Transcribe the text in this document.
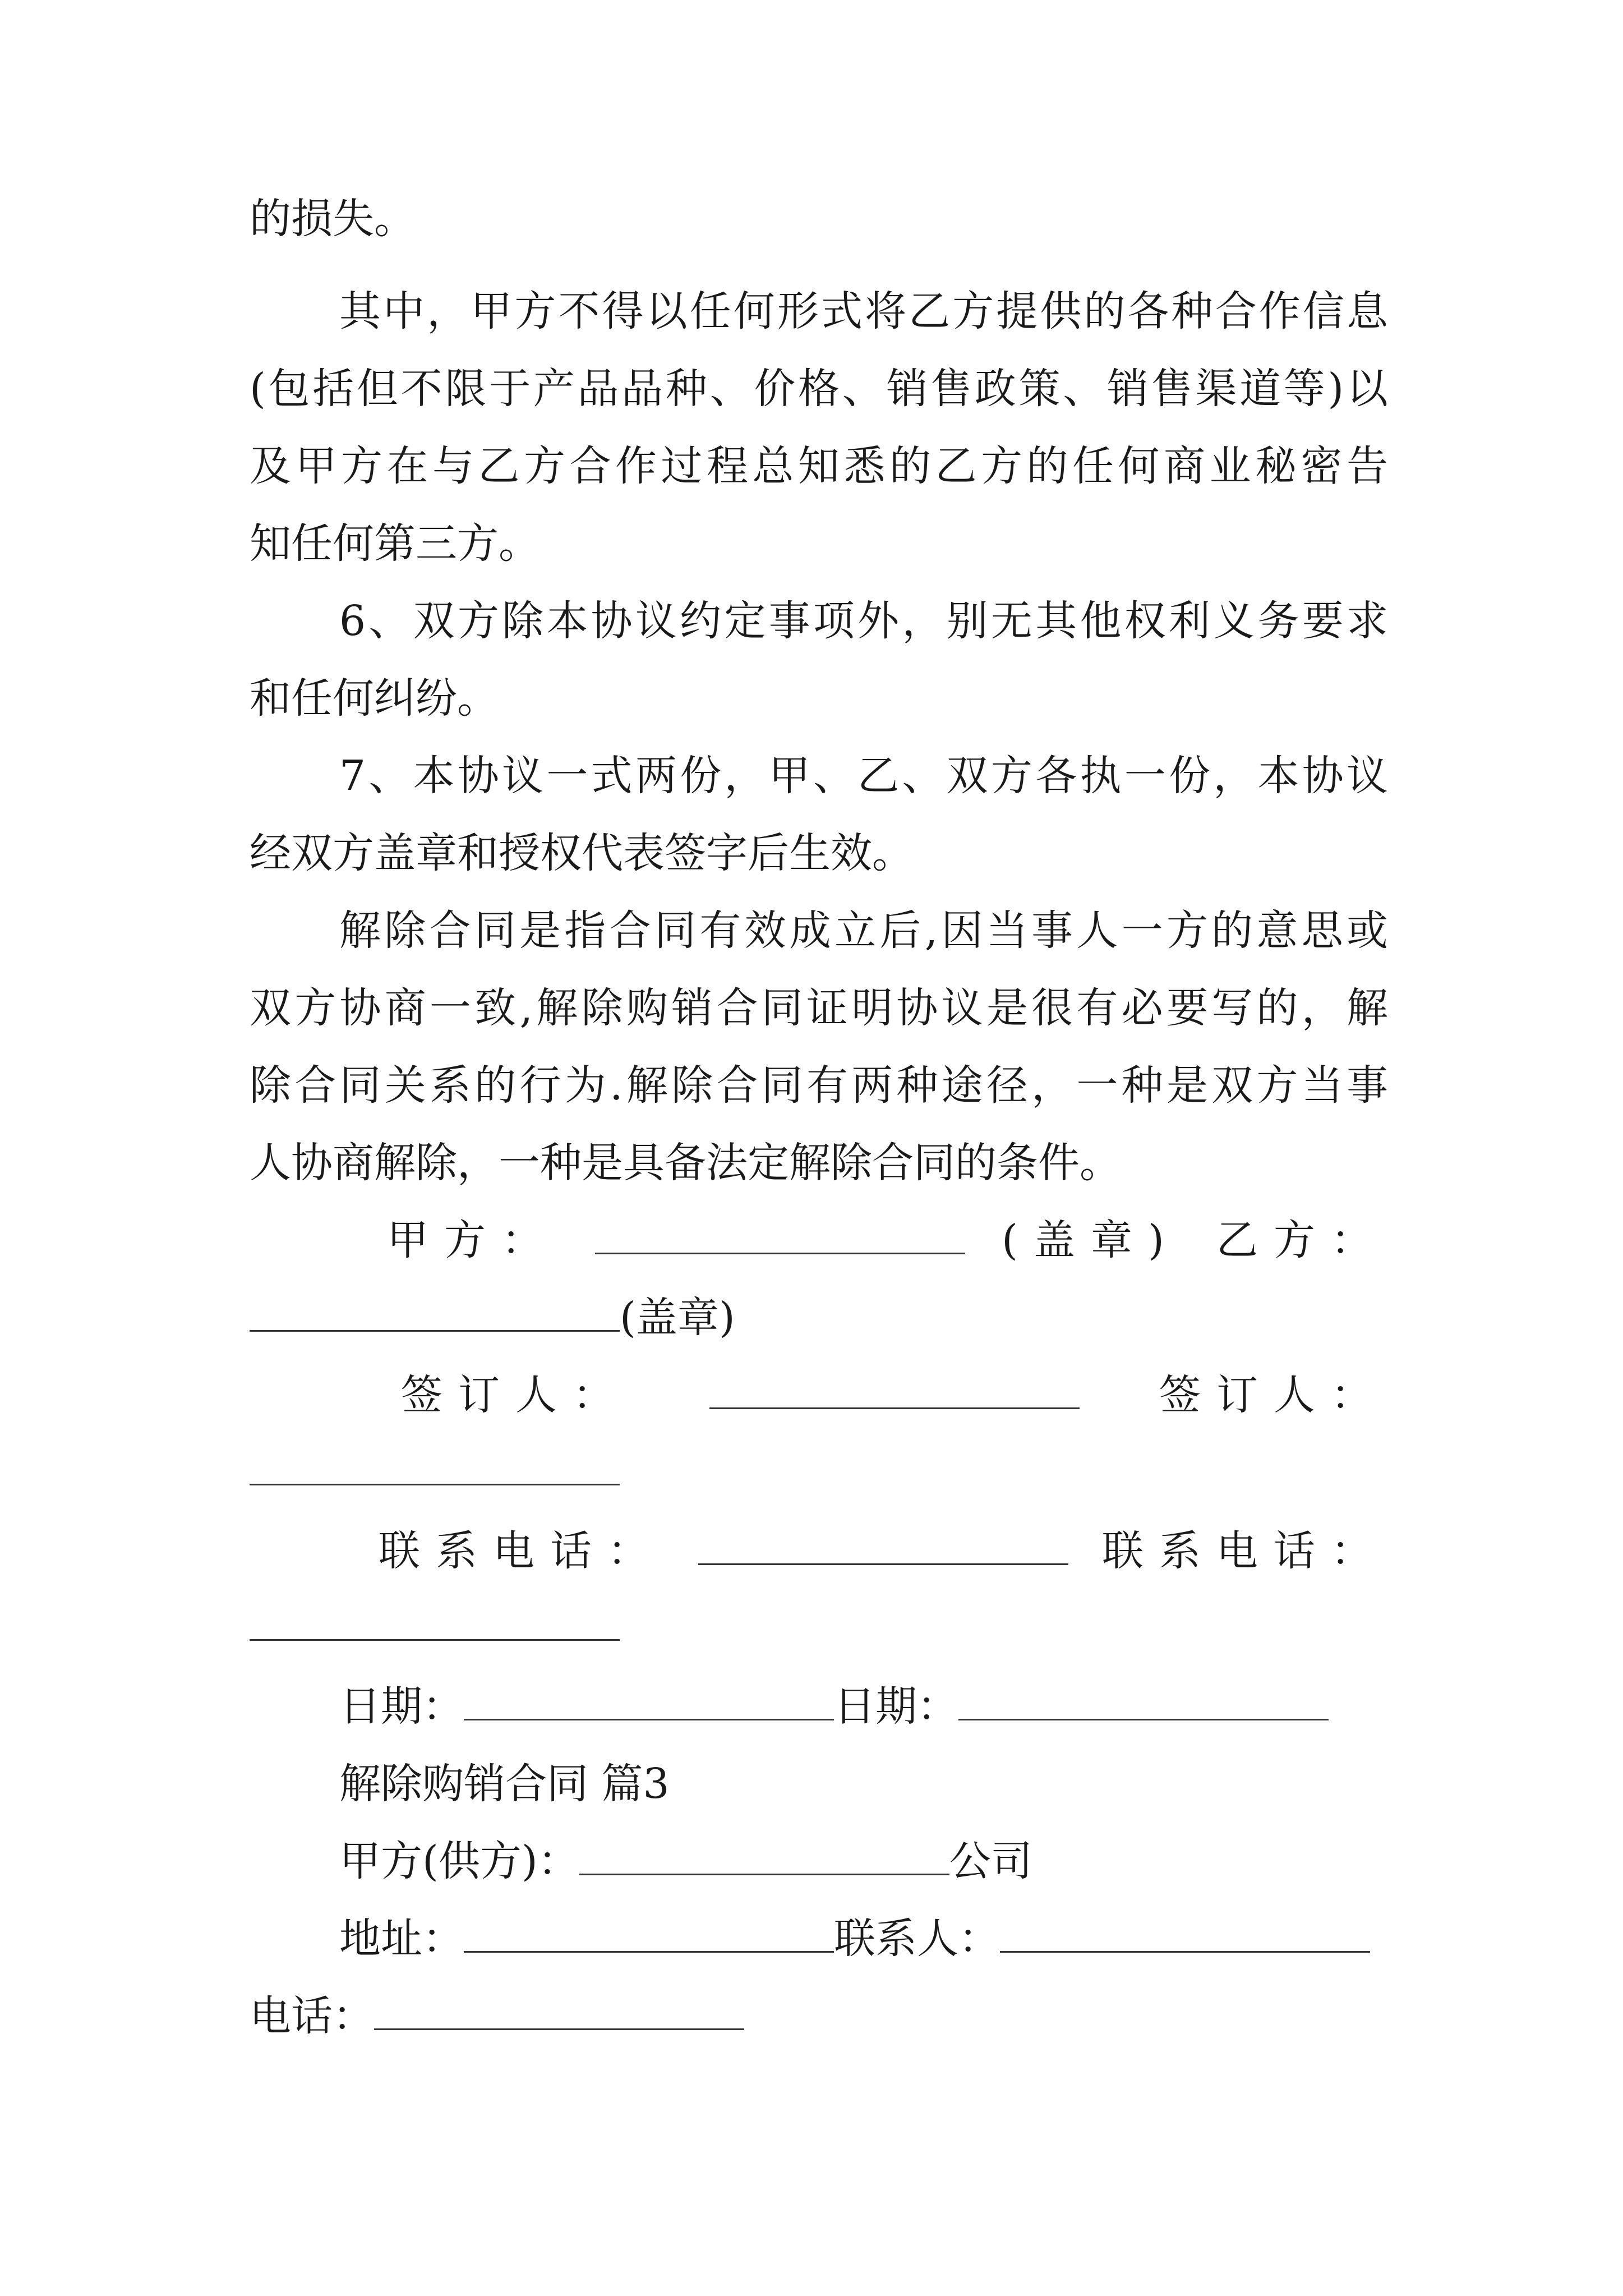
的损失。
其中，甲方不得以任何形式将乙方提供的各种合作信息
(包括但不限于产品品种、价格、销售政策、销售渠道等)以
及甲方在与乙方合作过程总知悉的乙方的任何商业秘密告
知任何第三方。
6、双方除本协议约定事项外，别无其他权利义务要求
和任何纠纷。
7、本协议一式两份，甲、乙、双方各执一份，本协议
经双方盖章和授权代表签字后生效。
解除合同是指合同有效成立后,因当事人一方的意思或
双方协商一致,解除购销合同证明协议是很有必要写的，解
除合同关系的行为.解除合同有两种途径，一种是双方当事
人协商解除，一种是具备法定解除合同的条件。
甲方：	(盖章) 乙方：
(盖章)
签订人：	签订人：
联系电话：	联系电话：
日期：	日期：
解除购销合同 篇3
甲方(供方)：	公司
地址：	联系人：
电话：
